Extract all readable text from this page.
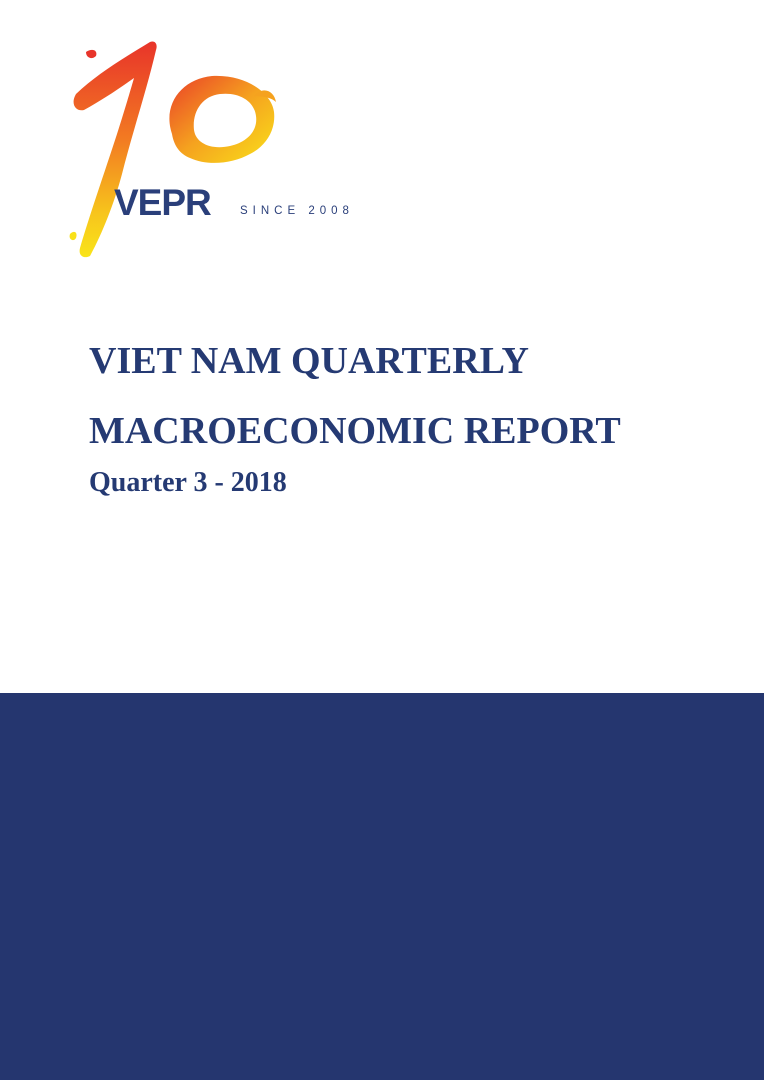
VEPR	SINCE 2008
VIET NAM QUARTERLY
MACROECONOMIC REPORT
Quarter 3 - 2018
